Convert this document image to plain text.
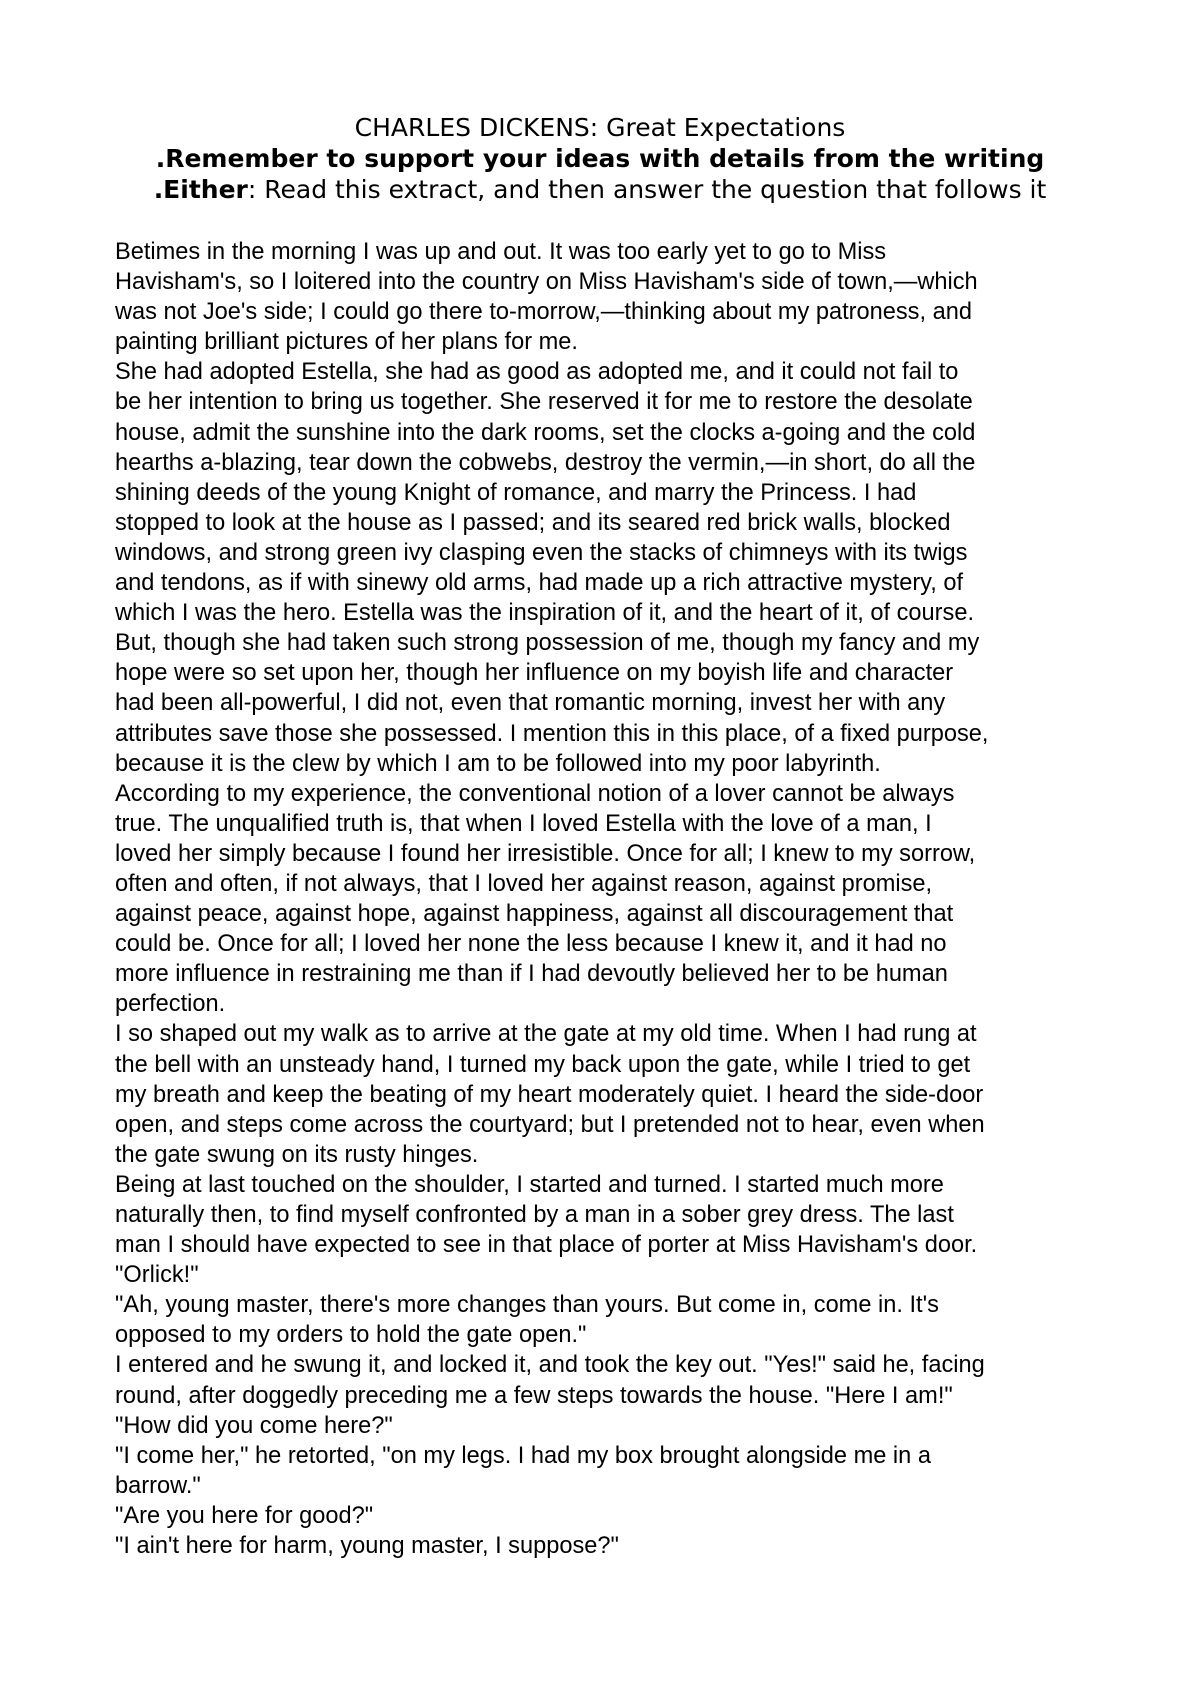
CHARLES DICKENS: Great Expectations
.Remember to support your ideas with details from the writing
.Either: Read this extract, and then answer the question that follows it
Betimes in the morning I was up and out. It was too early yet to go to Miss
Havisham's, so I loitered into the country on Miss Havisham's side of town,—which
was not Joe's side; I could go there to-morrow,—thinking about my patroness, and
painting brilliant pictures of her plans for me.
She had adopted Estella, she had as good as adopted me, and it could not fail to
be her intention to bring us together. She reserved it for me to restore the desolate
house, admit the sunshine into the dark rooms, set the clocks a-going and the cold
hearths a-blazing, tear down the cobwebs, destroy the vermin,—in short, do all the
shining deeds of the young Knight of romance, and marry the Princess. I had
stopped to look at the house as I passed; and its seared red brick walls, blocked
windows, and strong green ivy clasping even the stacks of chimneys with its twigs
and tendons, as if with sinewy old arms, had made up a rich attractive mystery, of
which I was the hero. Estella was the inspiration of it, and the heart of it, of course.
But, though she had taken such strong possession of me, though my fancy and my
hope were so set upon her, though her influence on my boyish life and character
had been all-powerful, I did not, even that romantic morning, invest her with any
attributes save those she possessed. I mention this in this place, of a fixed purpose,
because it is the clew by which I am to be followed into my poor labyrinth.
According to my experience, the conventional notion of a lover cannot be always
true. The unqualified truth is, that when I loved Estella with the love of a man, I
loved her simply because I found her irresistible. Once for all; I knew to my sorrow,
often and often, if not always, that I loved her against reason, against promise,
against peace, against hope, against happiness, against all discouragement that
could be. Once for all; I loved her none the less because I knew it, and it had no
more influence in restraining me than if I had devoutly believed her to be human
perfection.
I so shaped out my walk as to arrive at the gate at my old time. When I had rung at
the bell with an unsteady hand, I turned my back upon the gate, while I tried to get
my breath and keep the beating of my heart moderately quiet. I heard the side-door
open, and steps come across the courtyard; but I pretended not to hear, even when
the gate swung on its rusty hinges.
Being at last touched on the shoulder, I started and turned. I started much more
naturally then, to find myself confronted by a man in a sober grey dress. The last
man I should have expected to see in that place of porter at Miss Havisham's door.
"Orlick!"
"Ah, young master, there's more changes than yours. But come in, come in. It's
opposed to my orders to hold the gate open."
I entered and he swung it, and locked it, and took the key out. "Yes!" said he, facing
round, after doggedly preceding me a few steps towards the house. "Here I am!"
"How did you come here?"
"I come her," he retorted, "on my legs. I had my box brought alongside me in a
barrow."
"Are you here for good?"
"I ain't here for harm, young master, I suppose?"
